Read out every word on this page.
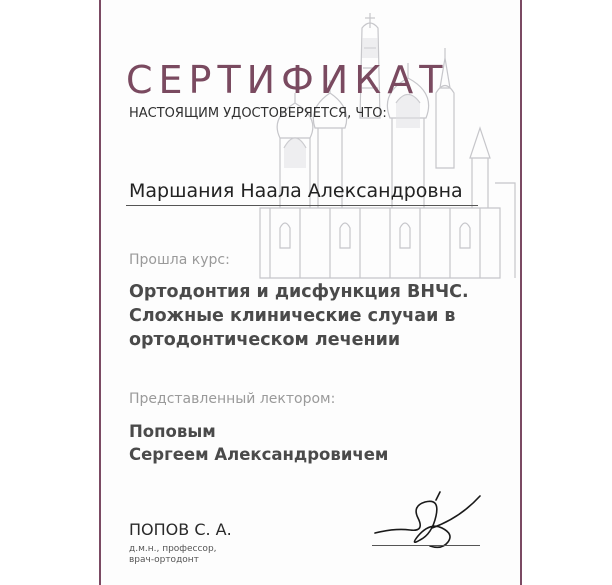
СЕРТИФИКАТ
НАСТОЯЩИМ УДОСТОВЕРЯЕТСЯ, ЧТО:
Маршания Наала Александровна
Прошла курс:
Ортодонтия и дисфункция ВНЧС.
Сложные клинические случаи в
ортодонтическом лечении
Представленный лектором:
Поповым
Сергеем Александровичем
ПОПОВ С. А.
д.м.н., профессор,
врач-ортодонт
